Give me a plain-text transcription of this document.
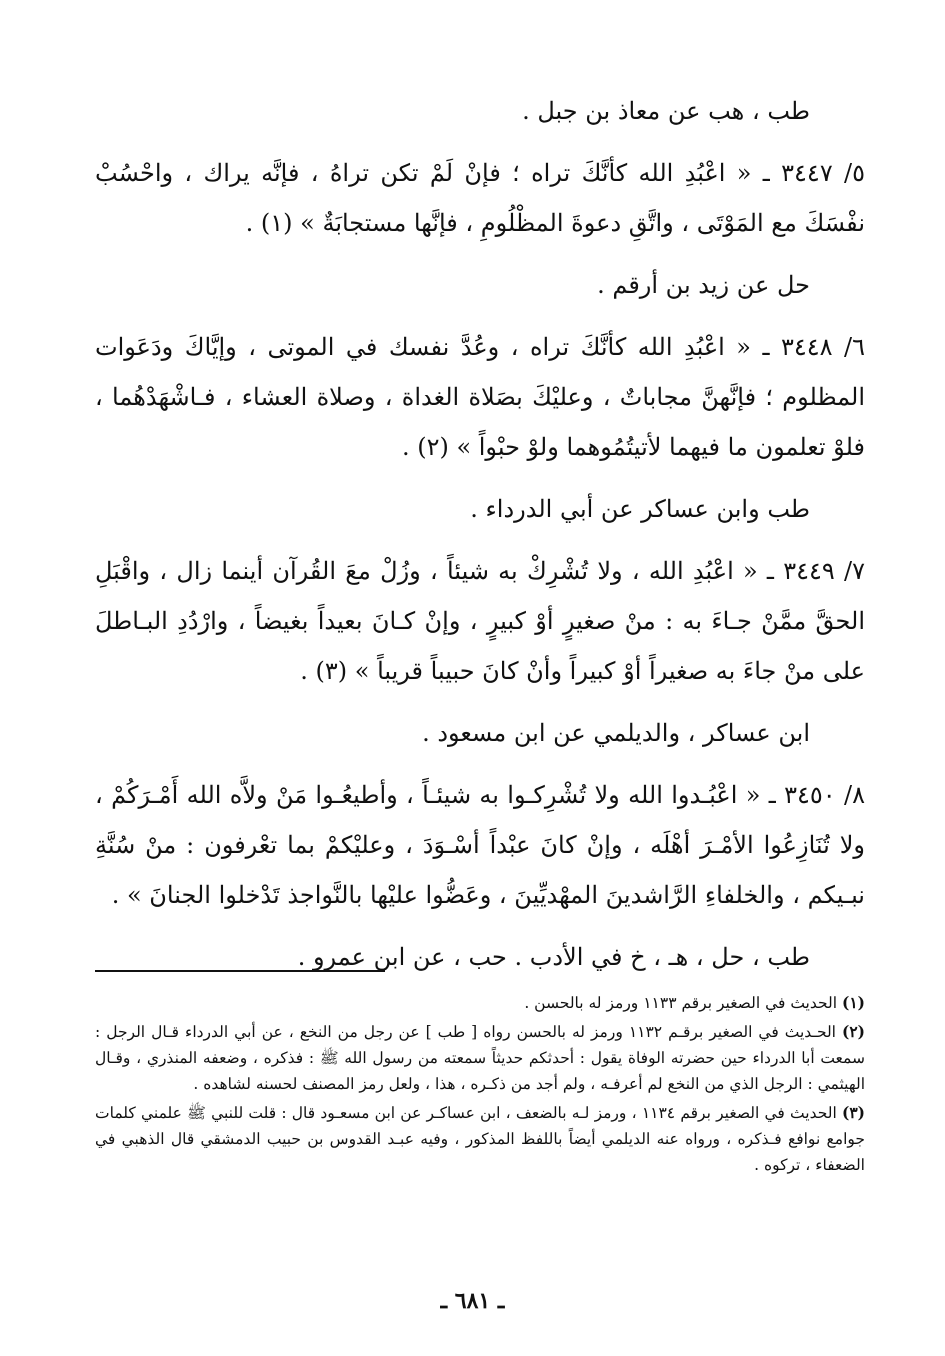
طب ، هب عن معاذ بن جبل .

٥/ ٣٤٤٧ ـ « اعْبُدِ الله كأنَّكَ تراه ؛ فإنْ لَمْ تكن تراهُ ، فإنَّه يراك ، واحْسُبْ نفْسَكَ مع المَوْتَى ، واتَّقِ دعوةَ المظْلُومِ ، فإنَّها مستجابَةٌ » (١) .

حل عن زيد بن أرقم .

٦/ ٣٤٤٨ ـ « اعْبُدِ الله كأنَّكَ تراه ، وعُدَّ نفسك في الموتى ، وإيَّاكَ ودَعَوات المظلوم ؛ فإنَّهنَّ مجاباتٌ ، وعليْكَ بصَلاة الغداة ، وصلاة العشاء ، فـاشْهَدْهُما ، فلوْ تعلمون ما فيهما لأتيتُمُوهما ولوْ حبْواً » (٢) .

طب وابن عساكر عن أبي الدرداء .

٧/ ٣٤٤٩ ـ « اعْبُدِ الله ، ولا تُشْرِكْ به شيئاً ، وزُلْ معَ القُرآن أينما زال ، واقْبَلِ الحقَّ ممَّنْ جـاءَ به : منْ صغيرٍ أوْ كبيرٍ ، وإنْ كـانَ بعيداً بغيضاً ، وارْدُدِ البـاطلَ على منْ جاءَ به صغيراً أوْ كبيراً وأنْ كانَ حبيباً قريباً » (٣) .

ابن عساكر ، والديلمي عن ابن مسعود .

٨/ ٣٤٥٠ ـ « اعْبُـدوا الله ولا تُشْرِكـوا به شيئـاً ، وأطيعُـوا مَنْ ولاَّه الله أَمْـرَكُمْ ، ولا تُنَازِعُوا الأمْـرَ أهْلَه ، وإنْ كانَ عبْداً أسْـوَدَ ، وعليْكمْ بما تعْرفون : منْ سُنَّةِ نبـيكم ، والخلفاءِ الرَّاشدينَ المهْديِّينَ ، وعَضُّوا عليْها بالنَّواجذ تَدْخلوا الجنانَ » .

طب ، حل ، هـ ، خ في الأدب . حب ، عن ابن عمرو .

(١) الحديث في الصغير برقم ١١٣٣ ورمز له بالحسن .

(٢) الحـديث في الصغير برقـم ١١٣٢ ورمز له بالحسن رواه [ طب ] عن رجل من النخع ، عن أبي الدرداء قـال الرجل : سمعت أبا الدرداء حين حضرته الوفاة يقول : أحدثكم حديثاً سمعته من رسول الله ﷺ : فذكره ، وضعفه المنذري ، وقـال الهيثمي : الرجل الذي من النخع لم أعرفـه ، ولم أجد من ذكـره ، هذا ، ولعل رمز المصنف لحسنه لشاهده .

(٣) الحديث في الصغير برقم ١١٣٤ ، ورمز لـه بالضعف ، ابن عساكـر عن ابن مسعـود قال : قلت للنبي ﷺ علمني كلمات جوامع نوافع فـذكره ، ورواه عنه الديلمي أيضاً باللفظ المذكور ، وفيه عبـد القدوس بن حبيب الدمشقي قال الذهبي في الضعفاء ، تركوه .

ـ ٦٨١ ـ
